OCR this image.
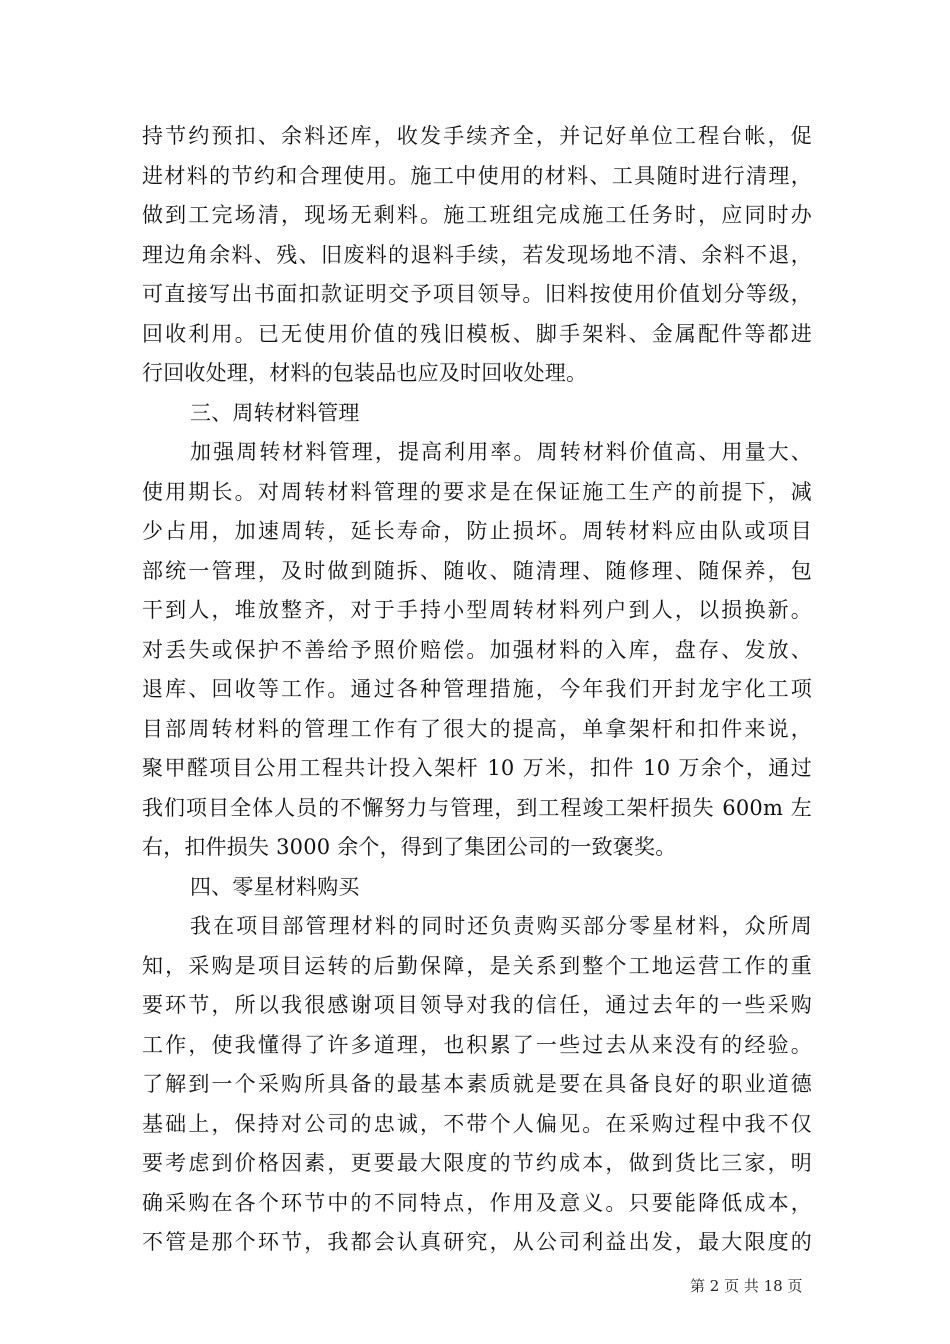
持节约预扣、余料还库，收发手续齐全，并记好单位工程台帐，促
进材料的节约和合理使用。施工中使用的材料、工具随时进行清理，
做到工完场清，现场无剩料。施工班组完成施工任务时，应同时办
理边角余料、残、旧废料的退料手续，若发现场地不清、余料不退，
可直接写出书面扣款证明交予项目领导。旧料按使用价值划分等级，
回收利用。已无使用价值的残旧模板、脚手架料、金属配件等都进
行回收处理，材料的包装品也应及时回收处理。
三、周转材料管理
加强周转材料管理，提高利用率。周转材料价值高、用量大、
使用期长。对周转材料管理的要求是在保证施工生产的前提下，减
少占用，加速周转，延长寿命，防止损坏。周转材料应由队或项目
部统一管理，及时做到随拆、随收、随清理、随修理、随保养，包
干到人，堆放整齐，对于手持小型周转材料列户到人，以损换新。
对丢失或保护不善给予照价赔偿。加强材料的入库，盘存、发放、
退库、回收等工作。通过各种管理措施，今年我们开封龙宇化工项
目部周转材料的管理工作有了很大的提高，单拿架杆和扣件来说，
聚甲醛项目公用工程共计投入架杆 10 万米，扣件 10 万余个，通过
我们项目全体人员的不懈努力与管理，到工程竣工架杆损失 600m 左
右，扣件损失 3000 余个，得到了集团公司的一致褒奖。
四、零星材料购买
我在项目部管理材料的同时还负责购买部分零星材料，众所周
知，采购是项目运转的后勤保障，是关系到整个工地运营工作的重
要环节，所以我很感谢项目领导对我的信任，通过去年的一些采购
工作，使我懂得了许多道理，也积累了一些过去从来没有的经验。
了解到一个采购所具备的最基本素质就是要在具备良好的职业道德
基础上，保持对公司的忠诚，不带个人偏见。在采购过程中我不仅
要考虑到价格因素，更要最大限度的节约成本，做到货比三家，明
确采购在各个环节中的不同特点，作用及意义。只要能降低成本，
不管是那个环节，我都会认真研究，从公司利益出发，最大限度的
第 2 页 共 18 页
